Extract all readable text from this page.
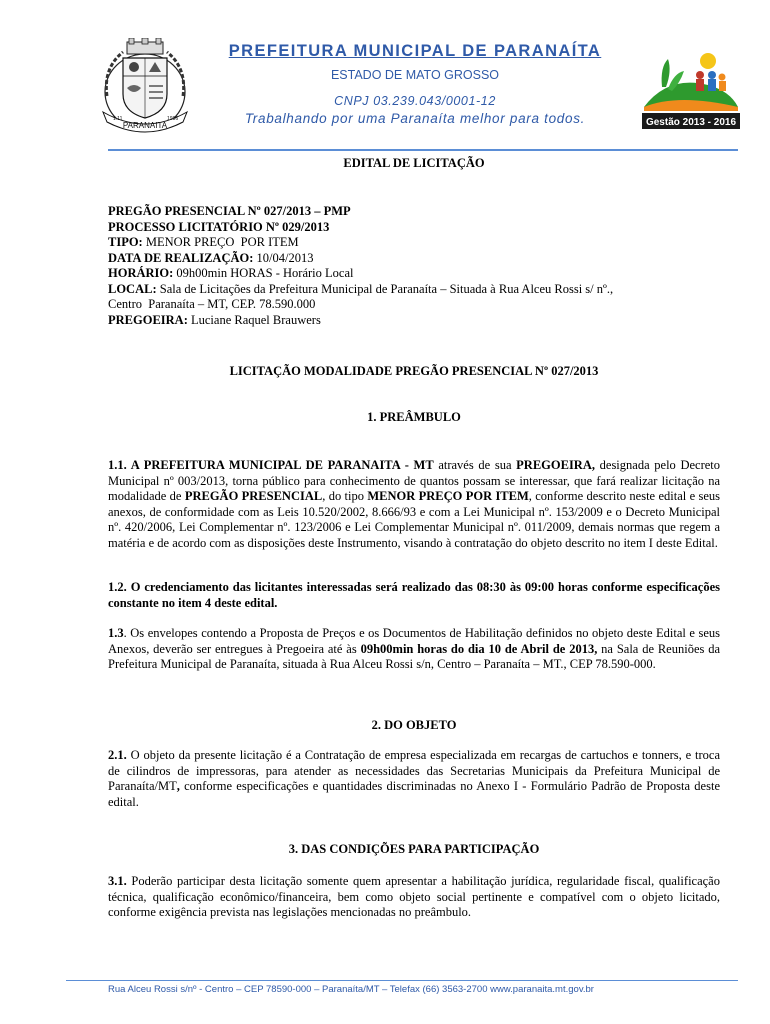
PARANAITA
1.11	1986
PREFEITURA MUNICIPAL DE PARANAÍTA
ESTADO DE MATO GROSSO
CNPJ 03.239.043/0001-12
Trabalhando por uma Paranaíta melhor para todos.	Gestão 2013 - 2016
EDITAL DE LICITAÇÃO
PREGÃO PRESENCIAL Nº 027/2013 – PMP
PROCESSO LICITATÓRIO Nº 029/2013
TIPO: MENOR PREÇO  POR ITEM
DATA DE REALIZAÇÃO: 10/04/2013
HORÁRIO: 09h00min HORAS - Horário Local
LOCAL: Sala de Licitações da Prefeitura Municipal de Paranaíta – Situada à Rua Alceu Rossi s/ nº.,
Centro  Paranaíta – MT, CEP. 78.590.000
PREGOEIRA: Luciane Raquel Brauwers
LICITAÇÃO MODALIDADE PREGÃO PRESENCIAL Nº 027/2013
1. PREÂMBULO
1.1. A PREFEITURA MUNICIPAL DE PARANAITA - MT através de sua PREGOEIRA, designada pelo Decreto Municipal nº 003/2013, torna público para conhecimento de quantos possam se interessar, que fará realizar licitação na modalidade de PREGÃO PRESENCIAL, do tipo MENOR PREÇO POR ITEM, conforme descrito neste edital e seus anexos, de conformidade com as Leis 10.520/2002, 8.666/93 e com a Lei Municipal nº. 153/2009 e o Decreto Municipal nº. 420/2006, Lei Complementar nº. 123/2006 e Lei Complementar Municipal nº. 011/2009, demais normas que regem a matéria e de acordo com as disposições deste Instrumento, visando à contratação do objeto descrito no item I deste Edital.
1.2. O credenciamento das licitantes interessadas será realizado das 08:30 às 09:00 horas conforme especificações constante no item 4 deste edital.
1.3. Os envelopes contendo a Proposta de Preços e os Documentos de Habilitação definidos no objeto deste Edital e seus Anexos, deverão ser entregues à Pregoeira até às 09h00min horas do dia 10 de Abril de 2013, na Sala de Reuniões da Prefeitura Municipal de Paranaíta, situada à Rua Alceu Rossi s/n, Centro – Paranaíta – MT., CEP 78.590-000.
2. DO OBJETO
2.1. O objeto da presente licitação é a Contratação de empresa especializada em recargas de cartuchos e tonners, e troca de cilindros de impressoras, para atender as necessidades das Secretarias Municipais da Prefeitura Municipal de Paranaíta/MT, conforme especificações e quantidades discriminadas no Anexo I - Formulário Padrão de Proposta deste edital.
3. DAS CONDIÇÕES PARA PARTICIPAÇÃO
3.1. Poderão participar desta licitação somente quem apresentar a habilitação jurídica, regularidade fiscal, qualificação técnica, qualificação econômico/financeira, bem como objeto social pertinente e compatível com o objeto licitado, conforme exigência prevista nas legislações mencionadas no preâmbulo.
Rua Alceu Rossi s/nº - Centro – CEP 78590-000 – Paranaíta/MT – Telefax (66) 3563-2700 www.paranaita.mt.gov.br
